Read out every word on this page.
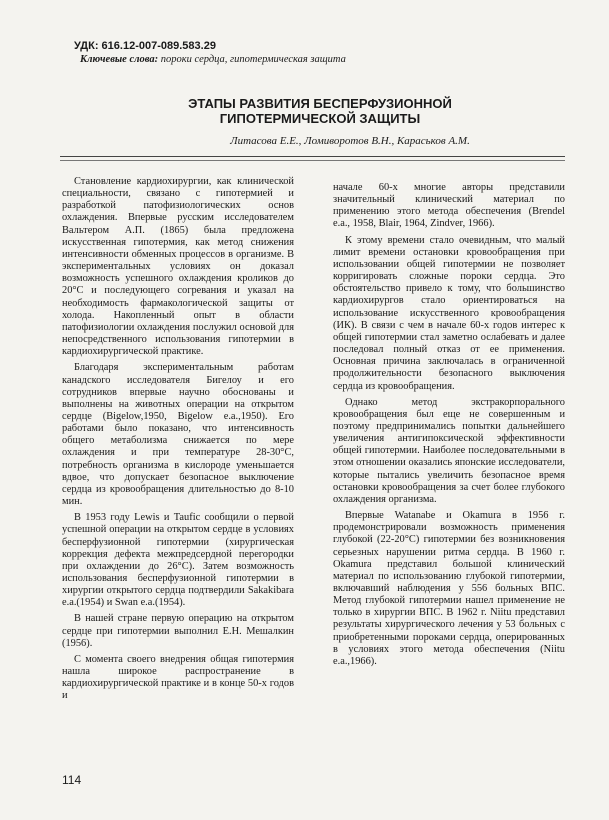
УДК: 616.12-007-089.583.29
Ключевые слова: пороки сердца, гипотермическая защита
ЭТАПЫ РАЗВИТИЯ БЕСПЕРФУЗИОННОЙ
ГИПОТЕРМИЧЕСКОЙ ЗАЩИТЫ
Литасова Е.Е., Ломиворотов В.Н., Караськов А.М.

Становление кардиохирургии, как клинической специальности, связано с гипотермией и разработкой патофизиологических основ охлаждения. Впервые русским исследователем Вальтером А.П. (1865) была предложена искусственная гипотермия, как метод снижения интенсивности обменных процессов в организме. В экспериментальных условиях он доказал возможность успешного охлаждения кроликов до 20°С и последующего согревания и указал на необходимость фармакологической защиты от холода. Накопленный опыт в области патофизиологии охлаждения послужил основой для непосредственного использования гипотермии в кардиохирургической практике.

Благодаря экспериментальным работам канадского исследователя Бигелоу и его сотрудников впервые научно обоснованы и выполнены на животных операции на открытом сердце (Bigelow,1950, Bigelow e.a.,1950). Его работами было показано, что интенсивность общего метаболизма снижается по мере охлаждения и при температуре 28-30°С, потребность организма в кислороде уменьшается вдвое, что допускает безопасное выключение сердца из кровообращения длительностью до 8-10 мин.

В 1953 году Lewis и Taufic сообщили о первой успешной операции на открытом сердце в условиях бесперфузионной гипотермии (хирургическая коррекция дефекта межпредсердной перегородки при охлаждении до 26°С). Затем возможность использования бесперфузионной гипотермии в хирургии открытого сердца подтвердили Sakakibara e.a.(1954) и Swan e.a.(1954).

В нашей стране первую операцию на открытом сердце при гипотермии выполнил Е.Н. Мешалкин (1956).

С момента своего внедрения общая гипотермия нашла широкое распространение в кардиохирургической практике и в конце 50-х годов и

начале 60-х многие авторы представили значительный клинический материал по применению этого метода обеспечения (Brendel e.a., 1958, Blair, 1964, Zindver, 1966).

К этому времени стало очевидным, что малый лимит времени остановки кровообращения при использовании общей гипотермии не позволяет корригировать сложные пороки сердца. Это обстоятельство привело к тому, что большинство кардиохирургов стало ориентироваться на использование искусственного кровообращения (ИК). В связи с чем в начале 60-х годов интерес к общей гипотермии стал заметно ослабевать и далее последовал полный отказ от ее применения. Основная причина заключалась в ограниченной продолжительности безопасного выключения сердца из кровообращения.

Однако метод экстракорпорального кровообращения был еще не совершенным и поэтому предпринимались попытки дальнейшего увеличения антигипоксической эффективности общей гипотермии. Наиболее последовательными в этом отношении оказались японские исследователи, которые пытались увеличить безопасное время остановки кровообращения за счет более глубокого охлаждения организма.

Впервые Watanabe и Okamura в 1956 г. продемонстрировали возможность применения глубокой (22-20°С) гипотермии без возникновения серьезных нарушении ритма сердца. В 1960 г. Okamura представил большой клинический материал по использованию глубокой гипотермии, включавший наблюдения у 556 больных ВПС. Метод глубокой гипотермии нашел применение не только в хирургии ВПС. В 1962 г. Niitu представил результаты хирургического лечения у 53 больных с приобретенными пороками сердца, оперированных в условиях этого метода обеспечения (Niitu e.a.,1966).

114
